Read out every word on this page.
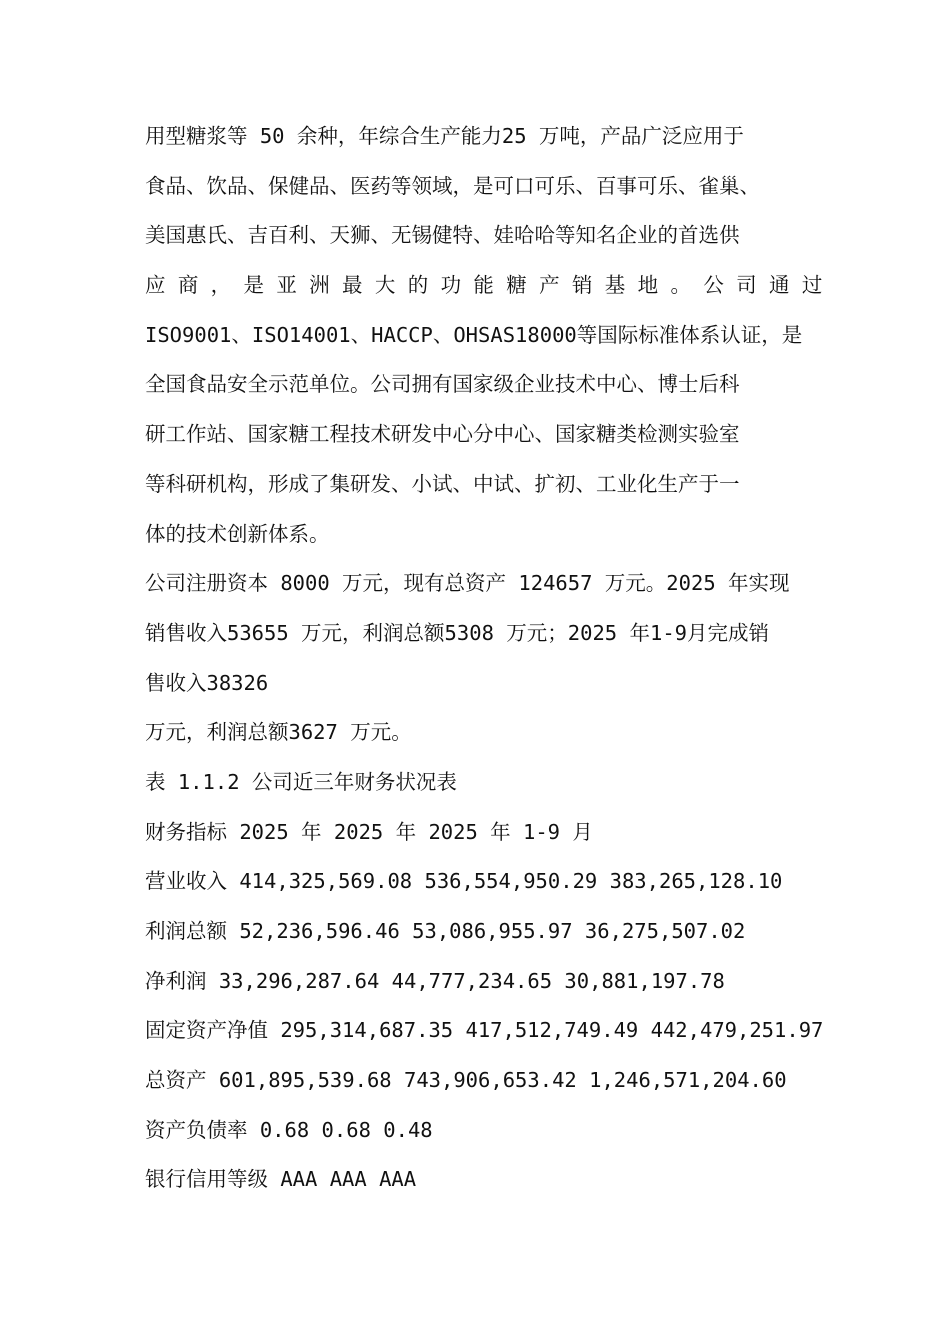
用型糖浆等 50 余种，年综合生产能力25 万吨，产品广泛应用于

食品、饮品、保健品、医药等领域，是可口可乐、百事可乐、雀巢、

美国惠氏、吉百利、天狮、无锡健特、娃哈哈等知名企业的首选供

应 商 ， 是 亚 洲 最 大 的 功 能 糖 产 销 基 地 。 公 司 通 过

ISO9001、ISO14001、HACCP、OHSAS18000等国际标准体系认证，是

全国食品安全示范单位。公司拥有国家级企业技术中心、博士后科

研工作站、国家糖工程技术研发中心分中心、国家糖类检测实验室

等科研机构，形成了集研发、小试、中试、扩初、工业化生产于一

体的技术创新体系。

公司注册资本 8000 万元，现有总资产 124657 万元。2025 年实现

销售收入53655 万元，利润总额5308 万元；2025 年1-9月完成销

售收入38326

万元，利润总额3627 万元。

表 1.1.2 公司近三年财务状况表

财务指标 2025 年 2025 年 2025 年 1-9 月

营业收入 414,325,569.08 536,554,950.29 383,265,128.10

利润总额 52,236,596.46 53,086,955.97 36,275,507.02

净利润 33,296,287.64 44,777,234.65 30,881,197.78

固定资产净值 295,314,687.35 417,512,749.49 442,479,251.97

总资产 601,895,539.68 743,906,653.42 1,246,571,204.60

资产负债率 0.68 0.68 0.48

银行信用等级 AAA AAA AAA
